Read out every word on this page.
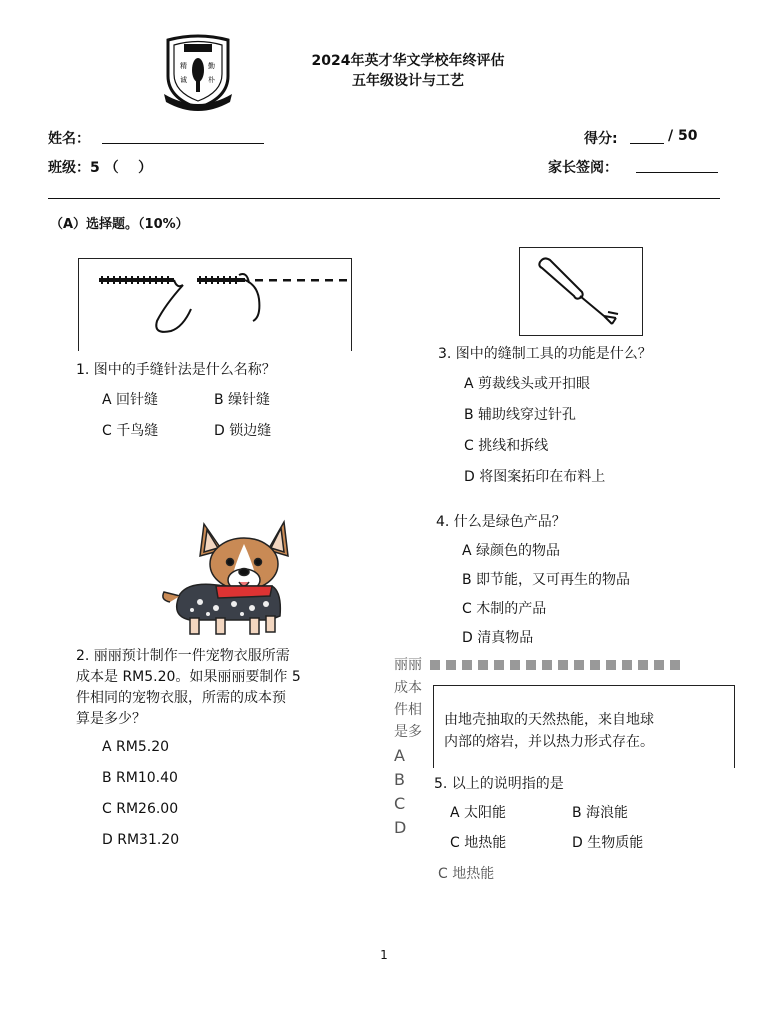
精	勤
诚	朴
2024年英才华文学校年终评估
五年级设计与工艺
姓名：
班级：5 （    ）
得分:	/ 50
家长签阅：
（A）选择题。（10%）
1. 图中的手缝针法是什么名称？
A 回针缝	B 缲针缝
C 千鸟缝	D 锁边缝
3. 图中的缝制工具的功能是什么？
A 剪裁线头或开扣眼
B 辅助线穿过针孔
C 挑线和拆线
D 将图案拓印在布料上
2. 丽丽预计制作一件宠物衣服所需
成本是 RM5.20。如果丽丽要制作 5
件相同的宠物衣服，所需的成本预
算是多少？
A RM5.20
B RM10.40
C RM26.00
D RM31.20
4. 什么是绿色产品？
A 绿颜色的物品
B 即节能，又可再生的物品
C 木制的产品
D 清真物品
丽丽
成本
件相
是多
A
B
C
D
C 地热能
由地壳抽取的天然热能，来自地球
内部的熔岩，并以热力形式存在。
5. 以上的说明指的是
A 太阳能	B 海浪能
C 地热能	D 生物质能
1
